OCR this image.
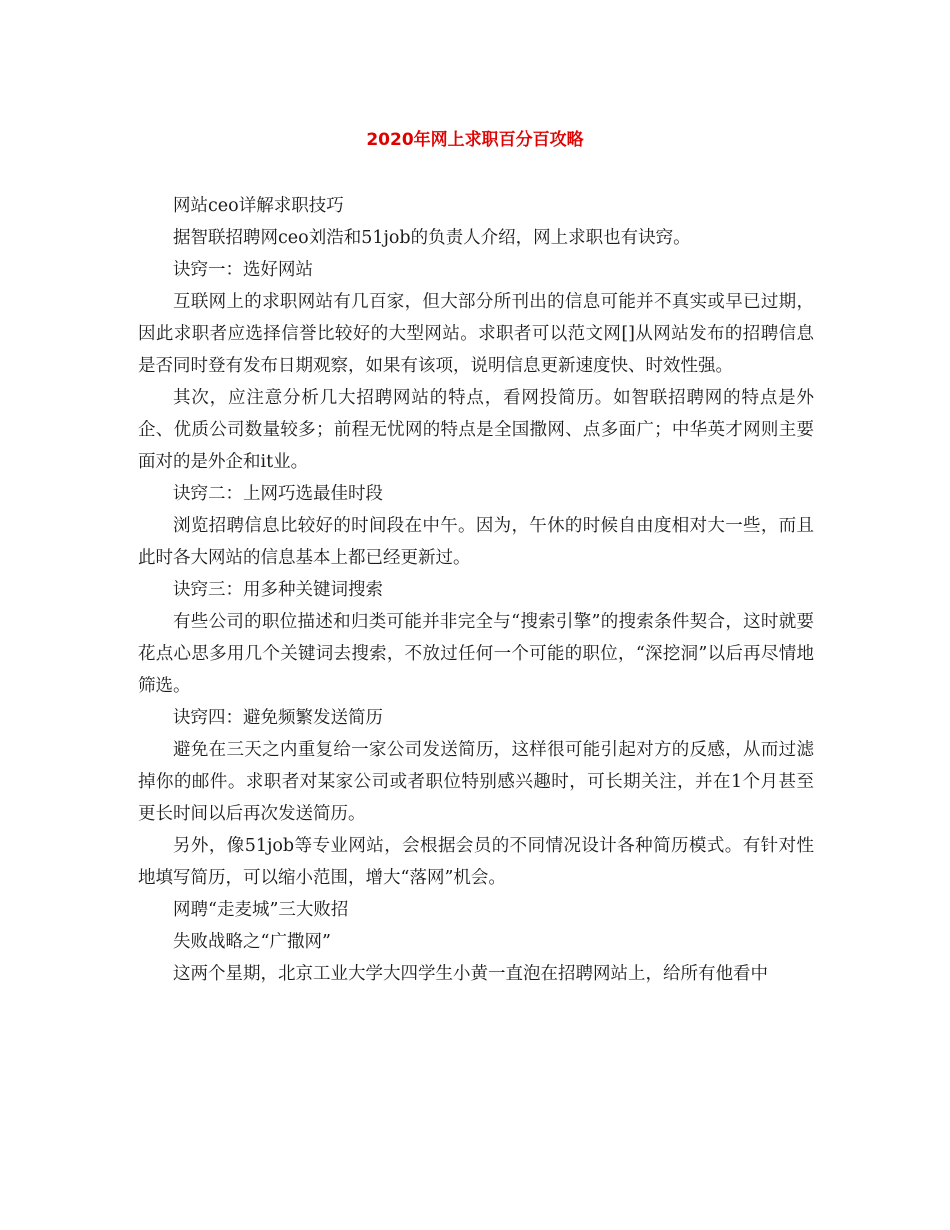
2020年网上求职百分百攻略

网站ceo详解求职技巧

据智联招聘网ceo刘浩和51job的负责人介绍，网上求职也有诀窍。

诀窍一：选好网站

互联网上的求职网站有几百家，但大部分所刊出的信息可能并不真实或早已过期，因此求职者应选择信誉比较好的大型网站。求职者可以范文网[]从网站发布的招聘信息是否同时登有发布日期观察，如果有该项，说明信息更新速度快、时效性强。

其次，应注意分析几大招聘网站的特点，看网投简历。如智联招聘网的特点是外企、优质公司数量较多；前程无忧网的特点是全国撒网、点多面广；中华英才网则主要面对的是外企和it业。

诀窍二：上网巧选最佳时段

浏览招聘信息比较好的时间段在中午。因为，午休的时候自由度相对大一些，而且此时各大网站的信息基本上都已经更新过。

诀窍三：用多种关键词搜索

有些公司的职位描述和归类可能并非完全与“搜索引擎”的搜索条件契合，这时就要花点心思多用几个关键词去搜索，不放过任何一个可能的职位，“深挖洞”以后再尽情地筛选。

诀窍四：避免频繁发送简历

避免在三天之内重复给一家公司发送简历，这样很可能引起对方的反感，从而过滤掉你的邮件。求职者对某家公司或者职位特别感兴趣时，可长期关注，并在1个月甚至更长时间以后再次发送简历。

另外，像51job等专业网站，会根据会员的不同情况设计各种简历模式。有针对性地填写简历，可以缩小范围，增大“落网”机会。

网聘“走麦城”三大败招

失败战略之“广撒网”

这两个星期，北京工业大学大四学生小黄一直泡在招聘网站上，给所有他看中
